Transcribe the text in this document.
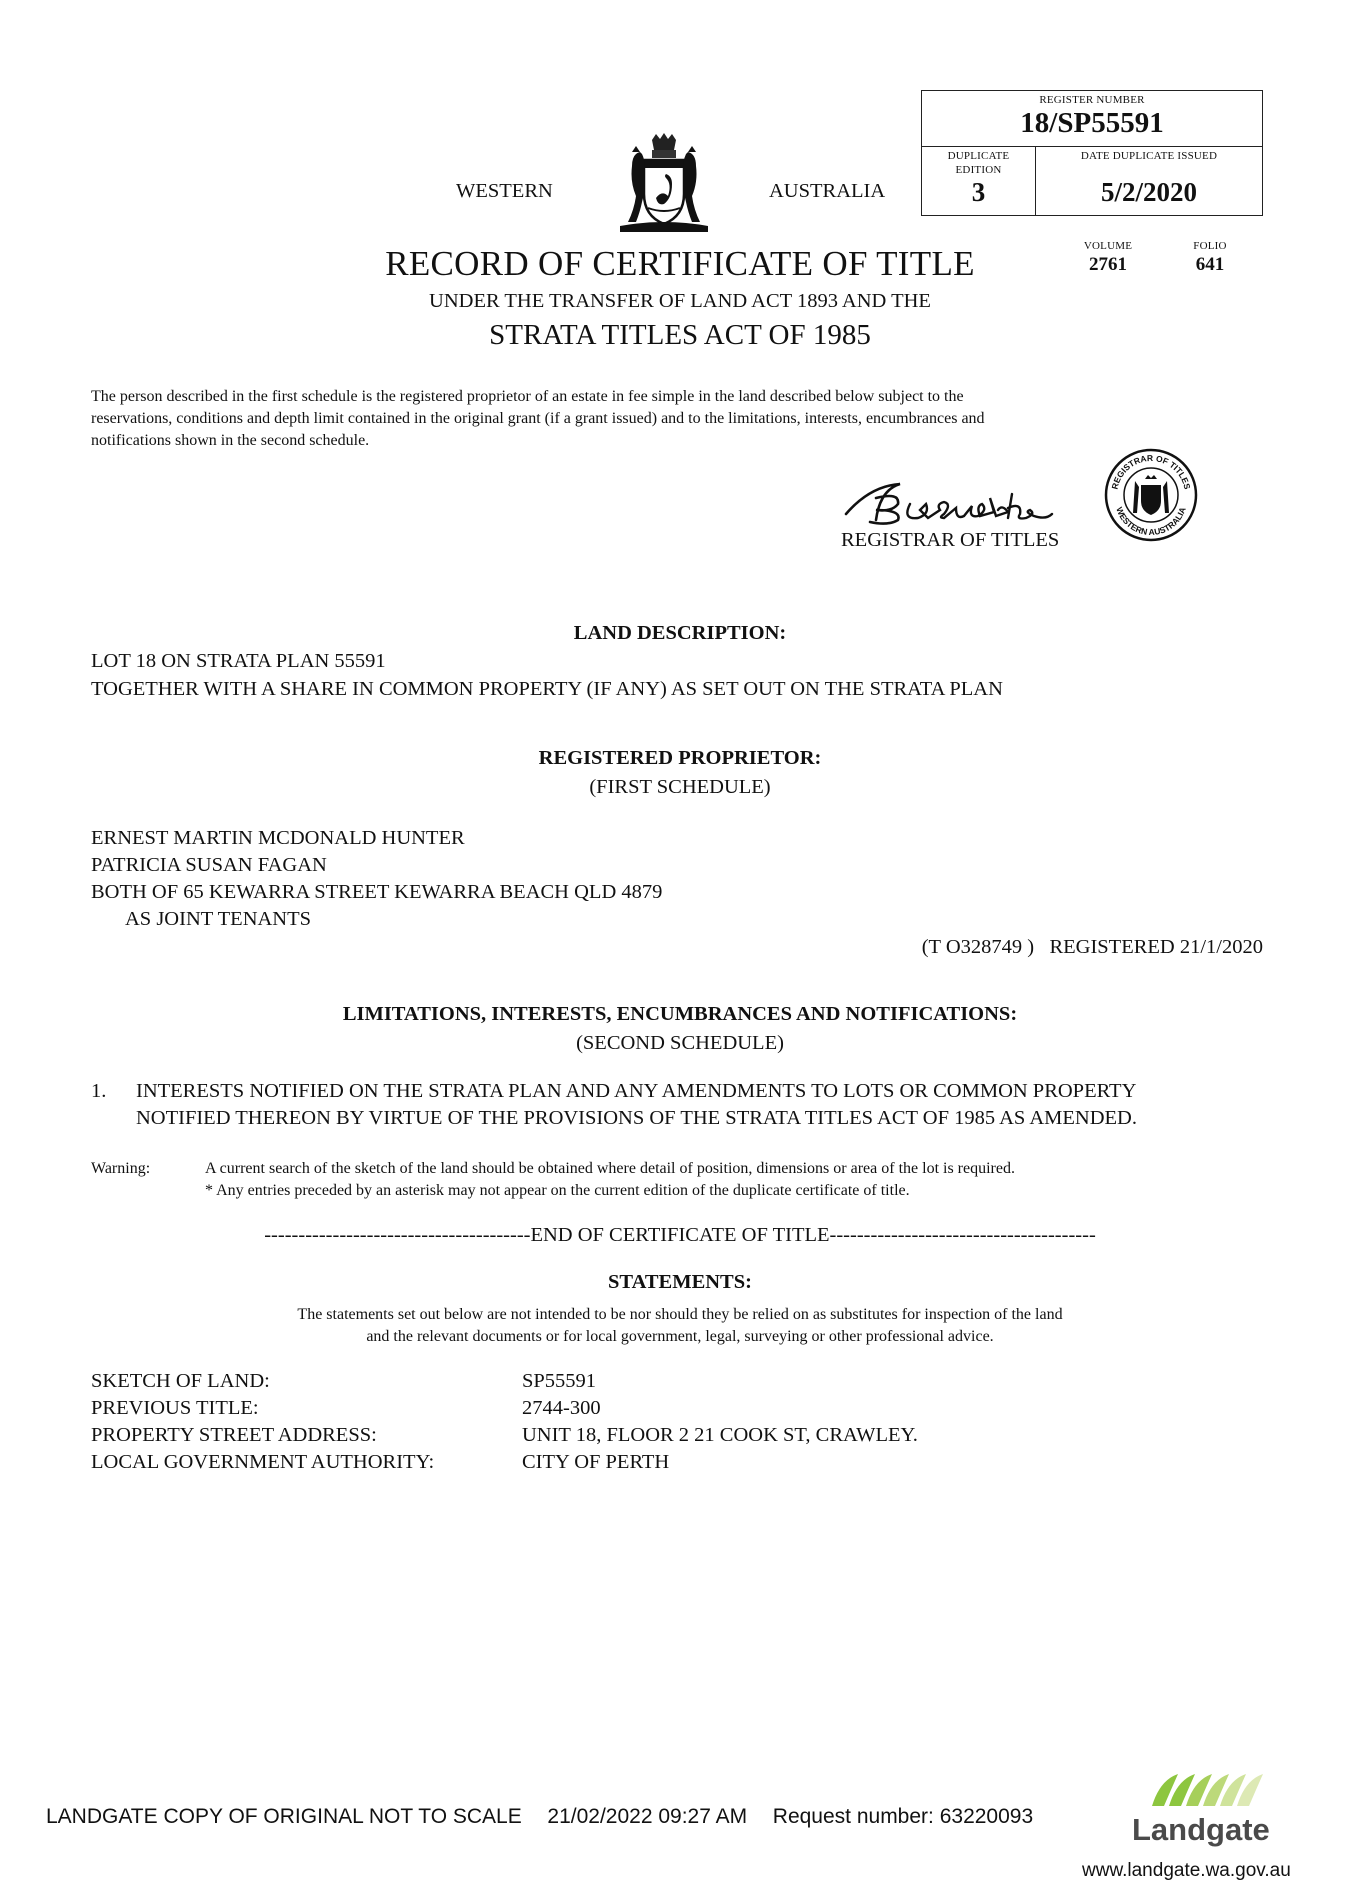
WESTERN	AUSTRALIA
RECORD OF CERTIFICATE OF TITLE
UNDER THE TRANSFER OF LAND ACT 1893 AND THE
STRATA TITLES ACT OF 1985
REGISTER NUMBER
18/SP55591
DUPLICATE
EDITION
3
DATE DUPLICATE ISSUED
5/2/2020
VOLUME
2761
FOLIO
641
The person described in the first schedule is the registered proprietor of an estate in fee simple in the land described below subject to the
reservations, conditions and depth limit contained in the original grant (if a grant issued) and to the limitations, interests, encumbrances and
notifications shown in the second schedule.
REGISTRAR OF TITLES
REGISTRAR OF TITLES
WESTERN AUSTRALIA
LAND DESCRIPTION:
LOT 18 ON STRATA PLAN 55591
TOGETHER WITH A SHARE IN COMMON PROPERTY (IF ANY) AS SET OUT ON THE STRATA PLAN
REGISTERED PROPRIETOR:
(FIRST SCHEDULE)
ERNEST MARTIN MCDONALD HUNTER
PATRICIA SUSAN FAGAN
BOTH OF 65 KEWARRA STREET KEWARRA BEACH QLD 4879
AS JOINT TENANTS
(T O328749 )   REGISTERED 21/1/2020
LIMITATIONS, INTERESTS, ENCUMBRANCES AND NOTIFICATIONS:
(SECOND SCHEDULE)
1. INTERESTS NOTIFIED ON THE STRATA PLAN AND ANY AMENDMENTS TO LOTS OR COMMON PROPERTY
NOTIFIED THEREON BY VIRTUE OF THE PROVISIONS OF THE STRATA TITLES ACT OF 1985 AS AMENDED.
Warning:	A current search of the sketch of the land should be obtained where detail of position, dimensions or area of the lot is required.
* Any entries preceded by an asterisk may not appear on the current edition of the duplicate certificate of title.
---------------------------------------END OF CERTIFICATE OF TITLE---------------------------------------
STATEMENTS:
The statements set out below are not intended to be nor should they be relied on as substitutes for inspection of the land
and the relevant documents or for local government, legal, surveying or other professional advice.
SKETCH OF LAND:	SP55591
PREVIOUS TITLE:	2744-300
PROPERTY STREET ADDRESS:	UNIT 18, FLOOR 2 21 COOK ST, CRAWLEY.
LOCAL GOVERNMENT AUTHORITY:	CITY OF PERTH
LANDGATE COPY OF ORIGINAL NOT TO SCALE 21/02/2022 09:27 AM Request number: 63220093	Landgate
www.landgate.wa.gov.au
